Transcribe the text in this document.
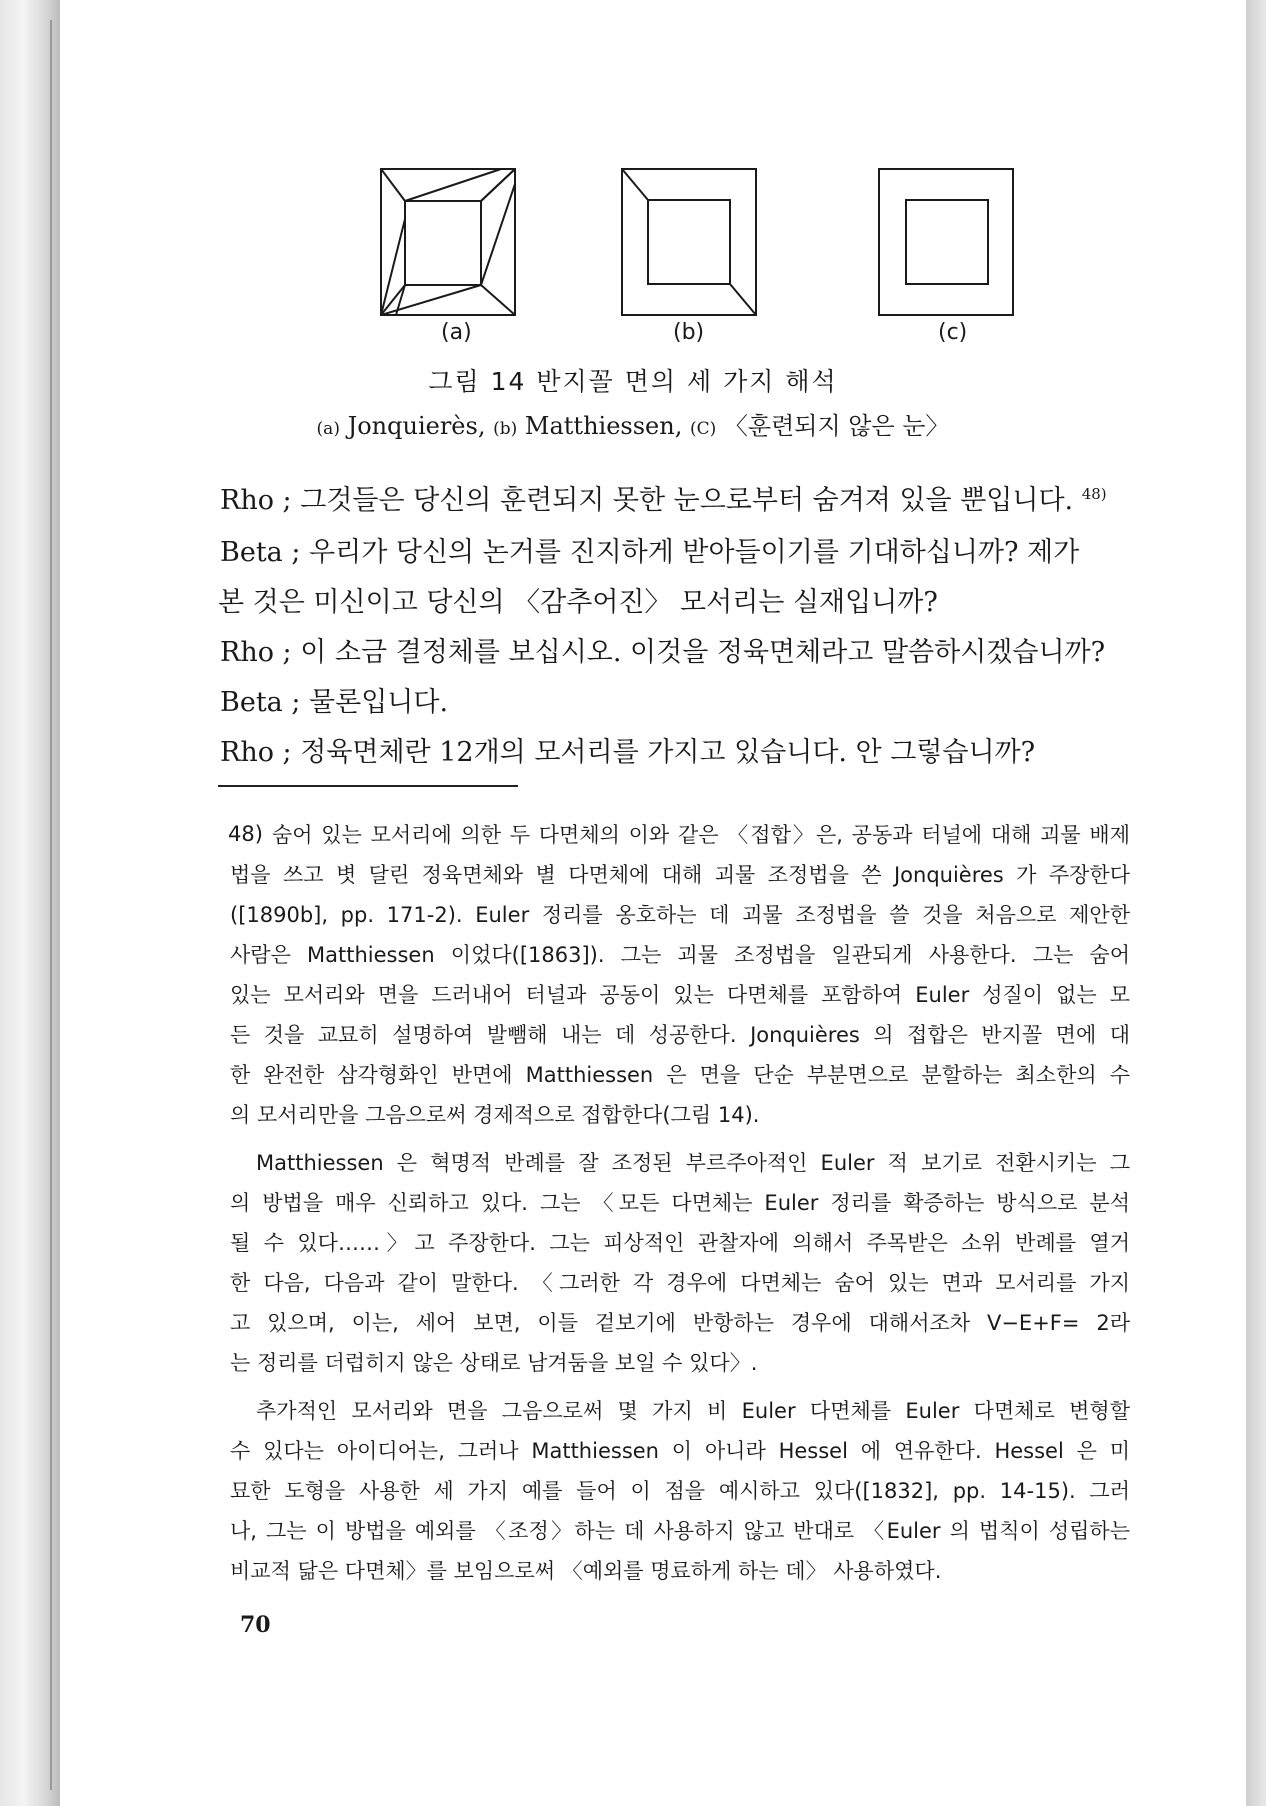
(a)	(b)	(c)
그림 14 반지꼴 면의 세 가지 해석
(a) Jonquierès, (b) Matthiessen, (C) 〈훈련되지 않은 눈〉
Rho ; 그것들은 당신의 훈련되지 못한 눈으로부터 숨겨져 있을 뿐입니다. $^{48)}$
Beta ; 우리가 당신의 논거를 진지하게 받아들이기를 기대하십니까? 제가
본 것은 미신이고 당신의 〈감추어진〉 모서리는 실재입니까?
Rho ; 이 소금 결정체를 보십시오. 이것을 정육면체라고 말씀하시겠습니까?
Beta ; 물론입니다.
Rho ; 정육면체란 12개의 모서리를 가지고 있습니다. 안 그렇습니까?
48) 숨어 있는 모서리에 의한 두 다면체의 이와 같은 〈접합〉은, 공동과 터널에 대해 괴물 배제
법을 쓰고 볏 달린 정육면체와 별 다면체에 대해 괴물 조정법을 쓴 Jonquières 가 주장한다
([1890b], pp. 171-2). Euler 정리를 옹호하는 데 괴물 조정법을 쓸 것을 처음으로 제안한
사람은 Matthiessen 이었다([1863]). 그는 괴물 조정법을 일관되게 사용한다. 그는 숨어
있는 모서리와 면을 드러내어 터널과 공동이 있는 다면체를 포함하여 Euler 성질이 없는 모
든 것을 교묘히 설명하여 발뺌해 내는 데 성공한다. Jonquières 의 접합은 반지꼴 면에 대
한 완전한 삼각형화인 반면에 Matthiessen 은 면을 단순 부분면으로 분할하는 최소한의 수
의 모서리만을 그음으로써 경제적으로 접합한다(그림 14).
Matthiessen 은 혁명적 반례를 잘 조정된 부르주아적인 Euler 적 보기로 전환시키는 그
의 방법을 매우 신뢰하고 있다. 그는 〈모든 다면체는 Euler 정리를 확증하는 방식으로 분석
될 수 있다……〉고 주장한다. 그는 피상적인 관찰자에 의해서 주목받은 소위 반례를 열거
한 다음, 다음과 같이 말한다. 〈그러한 각 경우에 다면체는 숨어 있는 면과 모서리를 가지
고 있으며, 이는, 세어 보면, 이들 겉보기에 반항하는 경우에 대해서조차 V−E+F= 2라
는 정리를 더럽히지 않은 상태로 남겨둠을 보일 수 있다〉.
추가적인 모서리와 면을 그음으로써 몇 가지 비 Euler 다면체를 Euler 다면체로 변형할
수 있다는 아이디어는, 그러나 Matthiessen 이 아니라 Hessel 에 연유한다. Hessel 은 미
묘한 도형을 사용한 세 가지 예를 들어 이 점을 예시하고 있다([1832], pp. 14-15). 그러
나, 그는 이 방법을 예외를 〈조정〉하는 데 사용하지 않고 반대로 〈Euler 의 법칙이 성립하는
비교적 닮은 다면체〉를 보임으로써 〈예외를 명료하게 하는 데〉 사용하였다.
70
